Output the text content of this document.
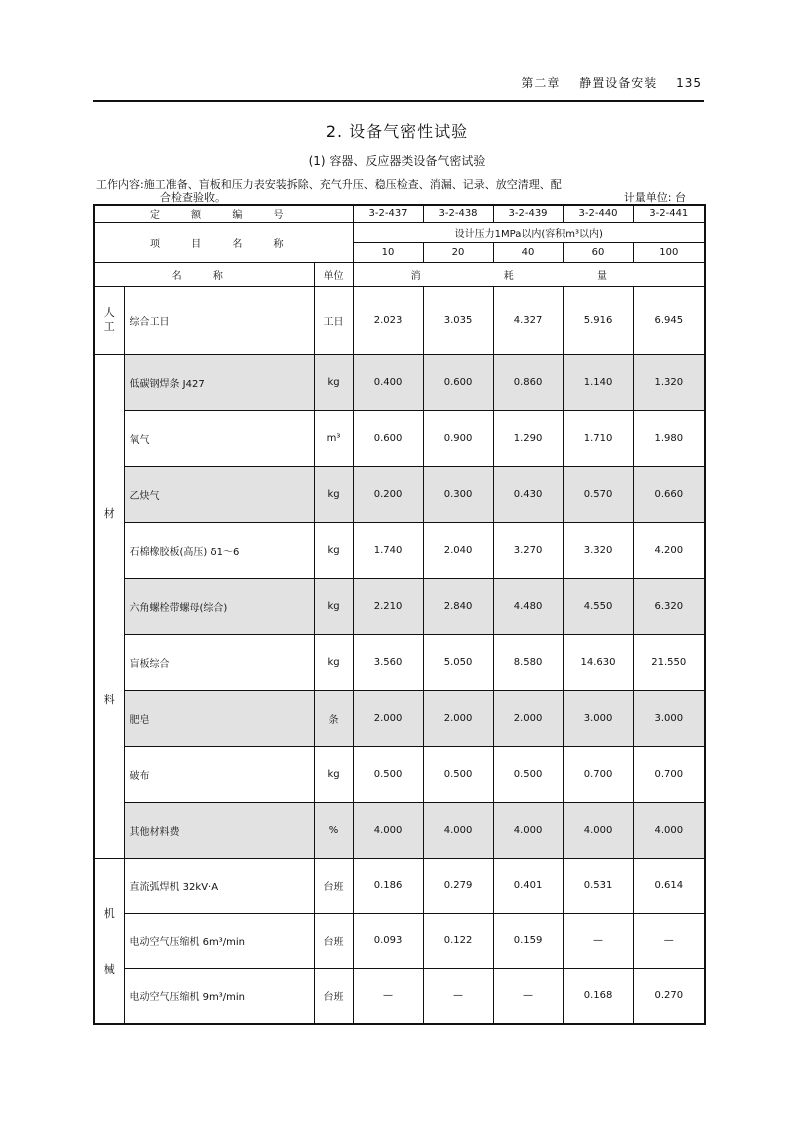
第二章 静置设备安装 135
2. 设备气密性试验
(1) 容器、反应器类设备气密试验
工作内容:施工准备、盲板和压力表安装拆除、充气升压、稳压检查、消漏、记录、放空清理、配
合检查验收。	计量单位: 台
定 额 编 号			3-2-437	3-2-438	3-2-439	3-2-440	3-2-441
项 目 名 称			设计压力1MPa以内(容积m³以内)				
			10	20	40	60	100
名 称		单位	消 耗 量				

人工	综合工日	工日	2.023	3.035	4.327	5.916	6.945

材
料	低碳钢焊条 J427	kg	0.400	0.600	0.860	1.140	1.320
	氧气	m³	0.600	0.900	1.290	1.710	1.980
	乙炔气	kg	0.200	0.300	0.430	0.570	0.660
	石棉橡胶板(高压) δ1～6	kg	1.740	2.040	3.270	3.320	4.200
	六角螺栓带螺母(综合)	kg	2.210	2.840	4.480	4.550	6.320
	盲板综合	kg	3.560	5.050	8.580	14.630	21.550
	肥皂	条	2.000	2.000	2.000	3.000	3.000
	破布	kg	0.500	0.500	0.500	0.700	0.700
	其他材料费	%	4.000	4.000	4.000	4.000	4.000

机
械	直流弧焊机 32kV·A	台班	0.186	0.279	0.401	0.531	0.614
	电动空气压缩机 6m³/min	台班	0.093	0.122	0.159	—	—
	电动空气压缩机 9m³/min	台班	—	—	—	0.168	0.270
